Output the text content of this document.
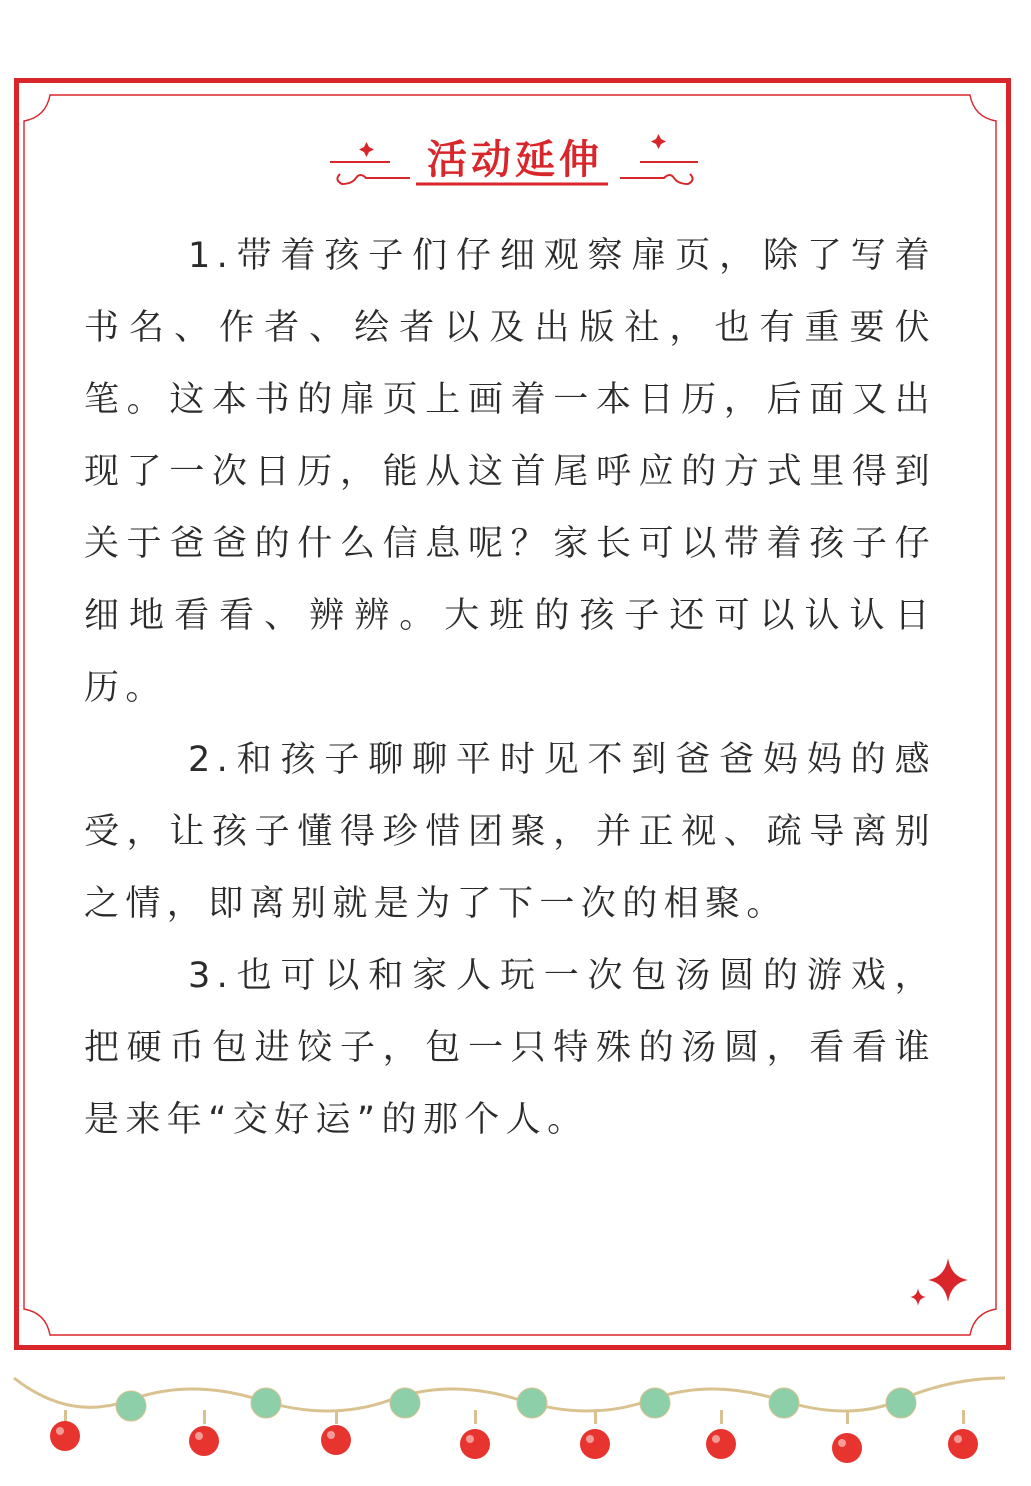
活动延伸

1.带着孩子们仔细观察扉页，除了写着书名、作者、绘者以及出版社，也有重要伏笔。这本书的扉页上画着一本日历，后面又出现了一次日历，能从这首尾呼应的方式里得到关于爸爸的什么信息呢？家长可以带着孩子仔细地看看、辨辨。大班的孩子还可以认认日历。

2.和孩子聊聊平时见不到爸爸妈妈的感受，让孩子懂得珍惜团聚，并正视、疏导离别之情，即离别就是为了下一次的相聚。

3.也可以和家人玩一次包汤圆的游戏，把硬币包进饺子，包一只特殊的汤圆，看看谁是来年“交好运”的那个人。
